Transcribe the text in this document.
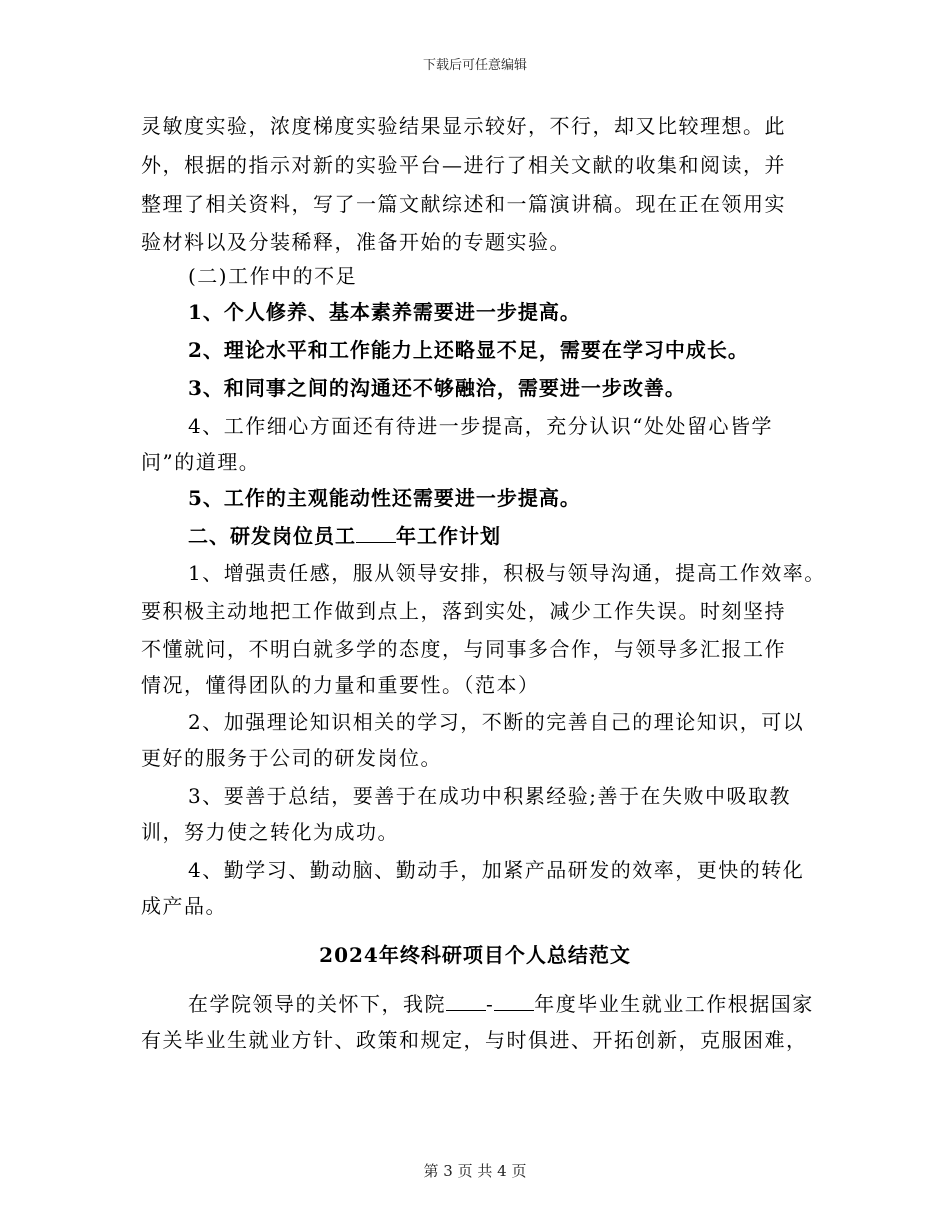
下载后可任意编辑
灵敏度实验，浓度梯度实验结果显示较好，不行，却又比较理想。此
外，根据的指示对新的实验平台—进行了相关文献的收集和阅读，并
整理了相关资料，写了一篇文献综述和一篇演讲稿。现在正在领用实
验材料以及分装稀释，准备开始的专题实验。
(二)工作中的不足
1、个人修养、基本素养需要进一步提高。
2、理论水平和工作能力上还略显不足，需要在学习中成长。
3、和同事之间的沟通还不够融洽，需要进一步改善。
4、工作细心方面还有待进一步提高，充分认识“处处留心皆学
问”的道理。
5、工作的主观能动性还需要进一步提高。
二、研发岗位员工 年工作计划
1、增强责任感，服从领导安排，积极与领导沟通，提高工作效率。
要积极主动地把工作做到点上，落到实处，减少工作失误。时刻坚持
不懂就问，不明白就多学的态度，与同事多合作，与领导多汇报工作
情况，懂得团队的力量和重要性。（范本）
2、加强理论知识相关的学习，不断的完善自己的理论知识，可以
更好的服务于公司的研发岗位。
3、要善于总结，要善于在成功中积累经验;善于在失败中吸取教
训，努力使之转化为成功。
4、勤学习、勤动脑、勤动手，加紧产品研发的效率，更快的转化
成产品。
2024年终科研项目个人总结范文
在学院领导的关怀下，我院 - 年度毕业生就业工作根据国家
有关毕业生就业方针、政策和规定，与时俱进、开拓创新，克服困难，
第 3 页 共 4 页
